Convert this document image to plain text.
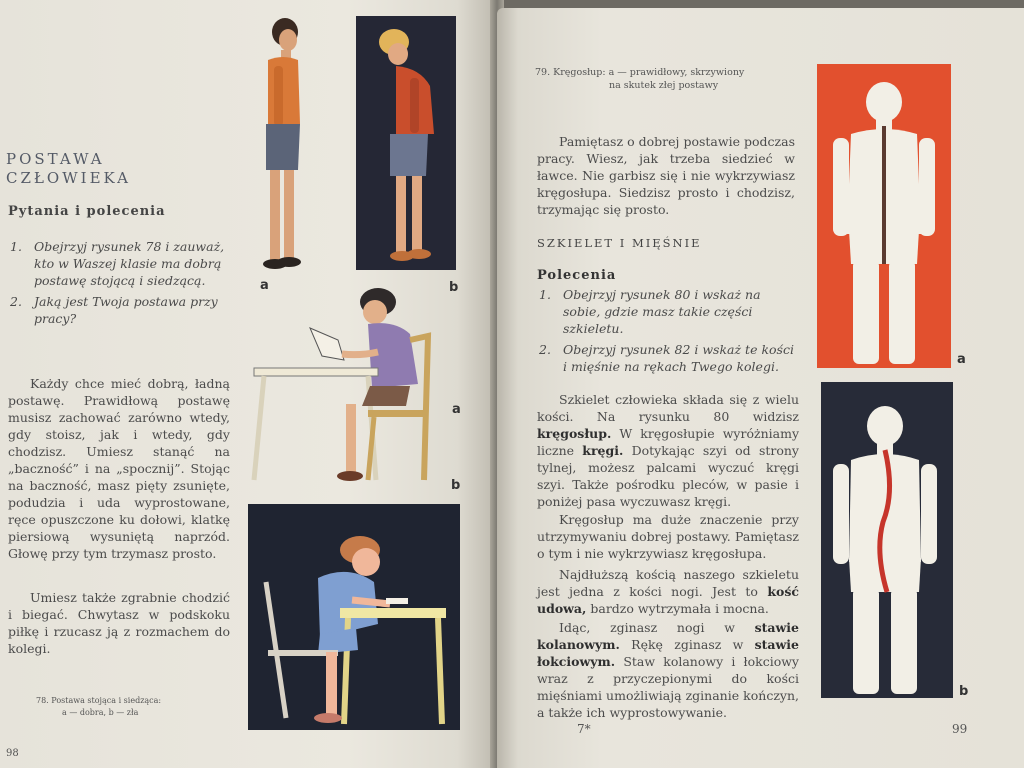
POSTAWA
CZŁOWIEKA

Pytania i polecenia

1. Obejrzyj rysunek 78 i zauważ, kto w Waszej klasie ma dobrą postawę stojącą i siedzącą.
2. Jaką jest Twoja postawa przy pracy?

Każdy chce mieć dobrą, ładną postawę. Prawidłową postawę musisz zachować zarówno wtedy, gdy stoisz, jak i wtedy, gdy chodzisz. Umiesz stanąć na „baczność” i na „spocznij”. Stojąc na baczność, masz pięty zsunięte, podudzia i uda wyprostowane, ręce opuszczone ku dołowi, klatkę piersiową wysuniętą naprzód. Głowę przy tym trzymasz prosto.

Umiesz także zgrabnie chodzić i biegać. Chwytasz w podskoku piłkę i rzucasz ją z rozmachem do kolegi.

78. Postawa stojąca i siedząca:
a — dobra, b — zła
98
a	b
a
b
79. Kręgosłup: a — prawidłowy, skrzywiony
na skutek złej postawy

Pamiętasz o dobrej postawie podczas pracy. Wiesz, jak trzeba siedzieć w ławce. Nie garbisz się i nie wykrzywiasz kręgosłupa. Siedzisz prosto i chodzisz, trzymając się prosto.

SZKIELET I MIĘŚNIE

Polecenia

1. Obejrzyj rysunek 80 i wskaż na sobie, gdzie masz takie części szkieletu.
2. Obejrzyj rysunek 82 i wskaż te kości i mięśnie na rękach Twego kolegi.

Szkielet człowieka składa się z wielu kości. Na rysunku 80 widzisz kręgosłup. W kręgosłupie wyróżniamy liczne kręgi. Dotykając szyi od strony tylnej, możesz palcami wyczuć kręgi szyi. Także pośrodku pleców, w pasie i poniżej pasa wyczuwasz kręgi.

Kręgosłup ma duże znaczenie przy utrzymywaniu dobrej postawy. Pamiętasz o tym i nie wykrzywiasz kręgosłupa.

Najdłuższą kością naszego szkieletu jest jedna z kości nogi. Jest to kość udowa, bardzo wytrzymała i mocna.

Idąc, zginasz nogi w stawie kolanowym. Rękę zginasz w stawie łokciowym. Staw kolanowy i łokciowy wraz z przyczepionymi do kości mięśniami umożliwiają zginanie kończyn, a także ich wyprostowywanie.

7*	99
a
b
